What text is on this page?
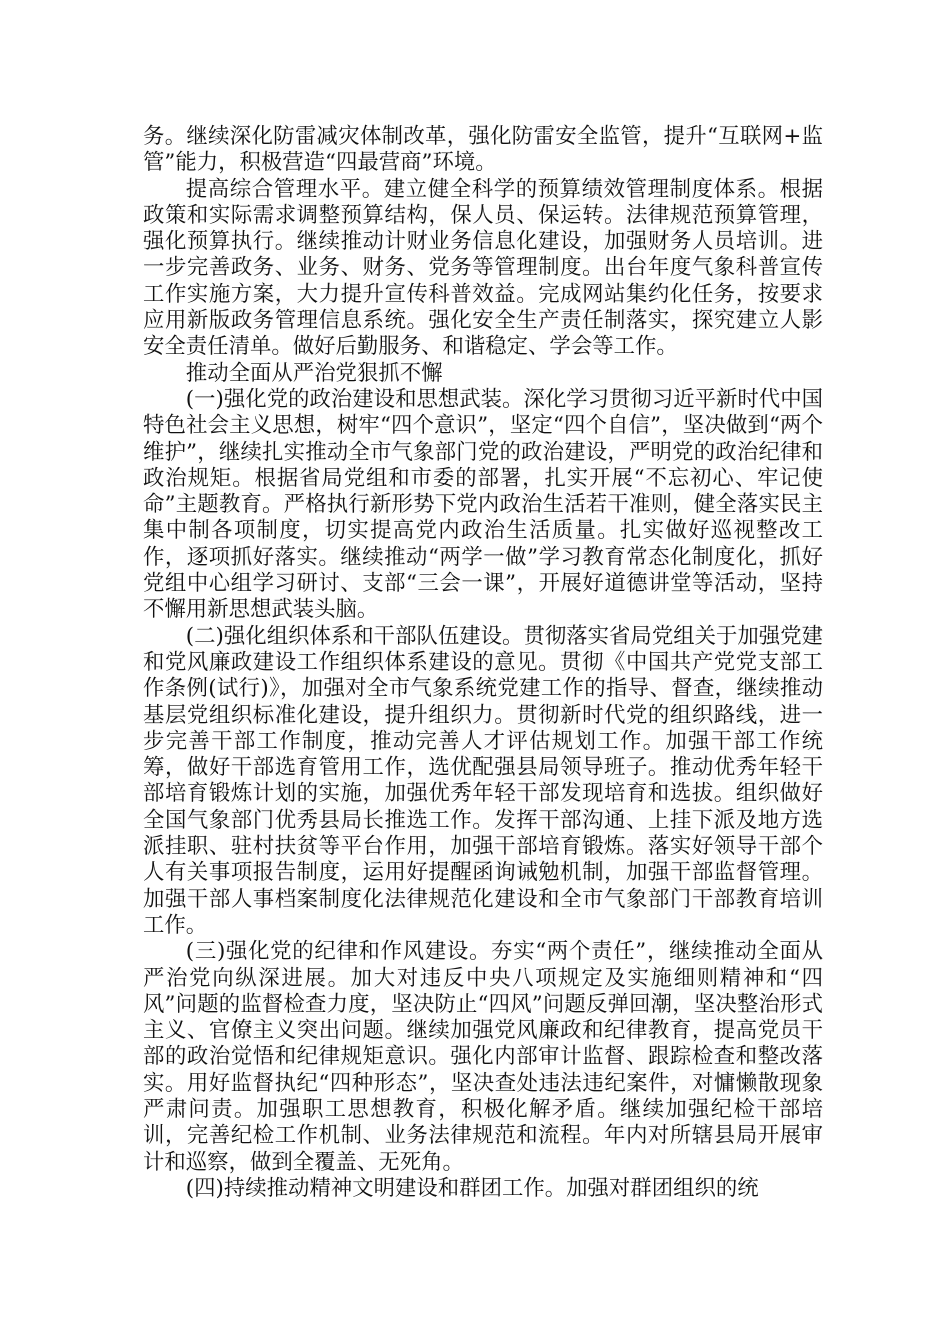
务。继续深化防雷减灾体制改革，强化防雷安全监管，提升“互联网+监管”能力，积极营造“四最营商”环境。

提高综合管理水平。建立健全科学的预算绩效管理制度体系。根据政策和实际需求调整预算结构，保人员、保运转。法律规范预算管理，强化预算执行。继续推动计财业务信息化建设，加强财务人员培训。进一步完善政务、业务、财务、党务等管理制度。出台年度气象科普宣传工作实施方案，大力提升宣传科普效益。完成网站集约化任务，按要求应用新版政务管理信息系统。强化安全生产责任制落实，探究建立人影安全责任清单。做好后勤服务、和谐稳定、学会等工作。

推动全面从严治党狠抓不懈

(一)强化党的政治建设和思想武装。深化学习贯彻习近平新时代中国特色社会主义思想，树牢“四个意识”，坚定“四个自信”，坚决做到“两个维护”，继续扎实推动全市气象部门党的政治建设，严明党的政治纪律和政治规矩。根据省局党组和市委的部署，扎实开展“不忘初心、牢记使命”主题教育。严格执行新形势下党内政治生活若干准则，健全落实民主集中制各项制度，切实提高党内政治生活质量。扎实做好巡视整改工作，逐项抓好落实。继续推动“两学一做”学习教育常态化制度化，抓好党组中心组学习研讨、支部“三会一课”，开展好道德讲堂等活动，坚持不懈用新思想武装头脑。

(二)强化组织体系和干部队伍建设。贯彻落实省局党组关于加强党建和党风廉政建设工作组织体系建设的意见。贯彻《中国共产党党支部工作条例(试行)》，加强对全市气象系统党建工作的指导、督查，继续推动基层党组织标准化建设，提升组织力。贯彻新时代党的组织路线，进一步完善干部工作制度，推动完善人才评估规划工作。加强干部工作统筹，做好干部选育管用工作，选优配强县局领导班子。推动优秀年轻干部培育锻炼计划的实施，加强优秀年轻干部发现培育和选拔。组织做好全国气象部门优秀县局长推选工作。发挥干部沟通、上挂下派及地方选派挂职、驻村扶贫等平台作用，加强干部培育锻炼。落实好领导干部个人有关事项报告制度，运用好提醒函询诫勉机制，加强干部监督管理。加强干部人事档案制度化法律规范化建设和全市气象部门干部教育培训工作。

(三)强化党的纪律和作风建设。夯实“两个责任”，继续推动全面从严治党向纵深进展。加大对违反中央八项规定及实施细则精神和“四风”问题的监督检查力度，坚决防止“四风”问题反弹回潮，坚决整治形式主义、官僚主义突出问题。继续加强党风廉政和纪律教育，提高党员干部的政治觉悟和纪律规矩意识。强化内部审计监督、跟踪检查和整改落实。用好监督执纪“四种形态”，坚决查处违法违纪案件，对慵懒散现象严肃问责。加强职工思想教育，积极化解矛盾。继续加强纪检干部培训，完善纪检工作机制、业务法律规范和流程。年内对所辖县局开展审计和巡察，做到全覆盖、无死角。

(四)持续推动精神文明建设和群团工作。加强对群团组织的统
